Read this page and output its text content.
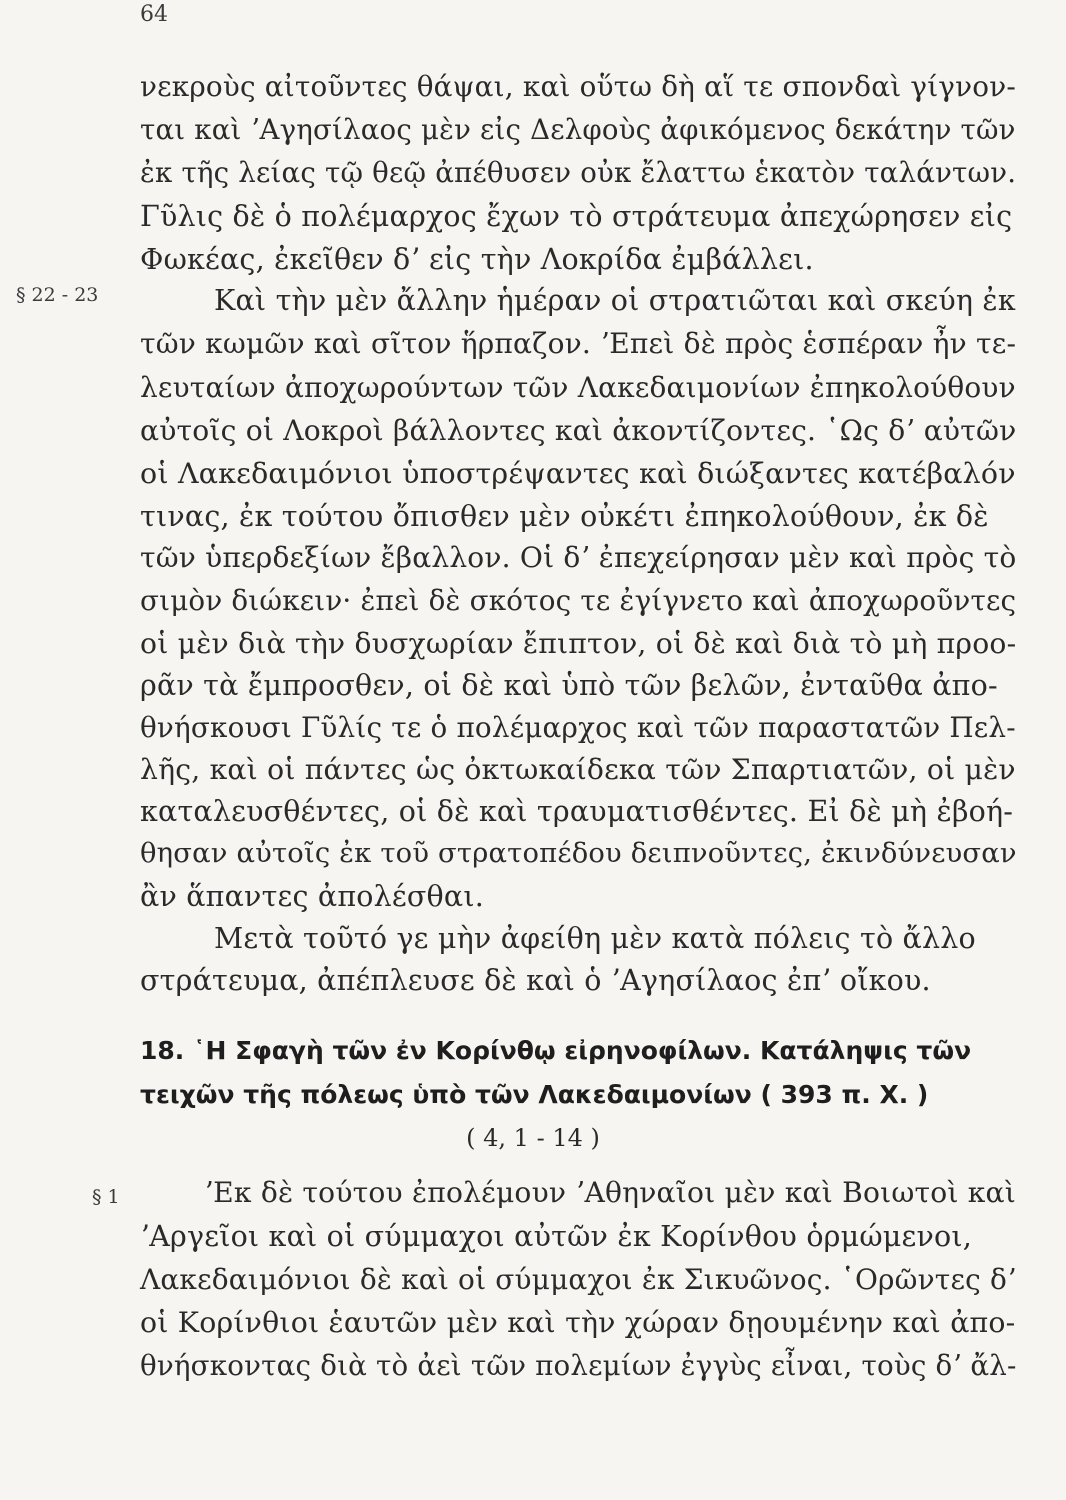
64
§ 22 - 23
νεκροὺς αἰτοῦντες θάψαι, καὶ οὕτω δὴ αἵ τε σπονδαὶ γίγνον-
ται καὶ ʼΑγησίλαος μὲν εἰς Δελφοὺς ἀφικόμενος δεκάτην τῶν
ἐκ τῆς λείας τῷ θεῷ ἀπέθυσεν οὐκ ἔλαττω ἑκατὸν ταλάντων.
Γῦλις δὲ ὁ πολέμαρχος ἔχων τὸ στράτευμα ἀπεχώρησεν εἰς
Φωκέας, ἐκεῖθεν δʼ εἰς τὴν Λοκρίδα ἐμβάλλει.
Καὶ τὴν μὲν ἄλλην ἡμέραν οἱ στρατιῶται καὶ σκεύη ἐκ
τῶν κωμῶν καὶ σῖτον ἥρπαζον. ʼΕπεὶ δὲ πρὸς ἑσπέραν ἦν τε-
λευταίων ἀποχωρούντων τῶν Λακεδαιμονίων ἐπηκολούθουν
αὐτοῖς οἱ Λοκροὶ βάλλοντες καὶ ἀκοντίζοντες. ῾Ως δʼ αὐτῶν
οἱ Λακεδαιμόνιοι ὑποστρέψαντες καὶ διώξαντες κατέβαλόν
τινας, ἐκ τούτου ὄπισθεν μὲν οὐκέτι ἐπηκολούθουν, ἐκ δὲ
τῶν ὑπερδεξίων ἔβαλλον. Οἱ δʼ ἐπεχείρησαν μὲν καὶ πρὸς τὸ
σιμὸν διώκειν· ἐπεὶ δὲ σκότος τε ἐγίγνετο καὶ ἀποχωροῦντες
οἱ μὲν διὰ τὴν δυσχωρίαν ἔπιπτον, οἱ δὲ καὶ διὰ τὸ μὴ προο-
ρᾶν τὰ ἔμπροσθεν, οἱ δὲ καὶ ὑπὸ τῶν βελῶν, ἐνταῦθα ἀπο-
θνήσκουσι Γῦλίς τε ὁ πολέμαρχος καὶ τῶν παραστατῶν Πελ-
λῆς, καὶ οἱ πάντες ὡς ὀκτωκαίδεκα τῶν Σπαρτιατῶν, οἱ μὲν
καταλευσθέντες, οἱ δὲ καὶ τραυματισθέντες. Εἰ δὲ μὴ ἐβοή-
θησαν αὐτοῖς ἐκ τοῦ στρατοπέδου δειπνοῦντες, ἐκινδύνευσαν
ἂν ἅπαντες ἀπολέσθαι.
Μετὰ τοῦτό γε μὴν ἀφείθη μὲν κατὰ πόλεις τὸ ἄλλο
στράτευμα, ἀπέπλευσε δὲ καὶ ὁ ʼΑγησίλαος ἐπʼ οἴκου.
18. ῾Η Σφαγὴ τῶν ἐν Κορίνθῳ εἰρηνοφίλων. Κατάληψις τῶν
τειχῶν τῆς πόλεως ὑπὸ τῶν Λακεδαιμονίων ( 393 π. Χ. )
( 4, 1 - 14 )
§ 1	ʼΕκ δὲ τούτου ἐπολέμουν ʼΑθηναῖοι μὲν καὶ Βοιωτοὶ καὶ
ʼΑργεῖοι καὶ οἱ σύμμαχοι αὐτῶν ἐκ Κορίνθου ὁρμώμενοι,
Λακεδαιμόνιοι δὲ καὶ οἱ σύμμαχοι ἐκ Σικυῶνος. ῾Ορῶντες δʼ
οἱ Κορίνθιοι ἑαυτῶν μὲν καὶ τὴν χώραν δῃουμένην καὶ ἀπο-
θνήσκοντας διὰ τὸ ἀεὶ τῶν πολεμίων ἐγγὺς εἶναι, τοὺς δʼ ἄλ-
